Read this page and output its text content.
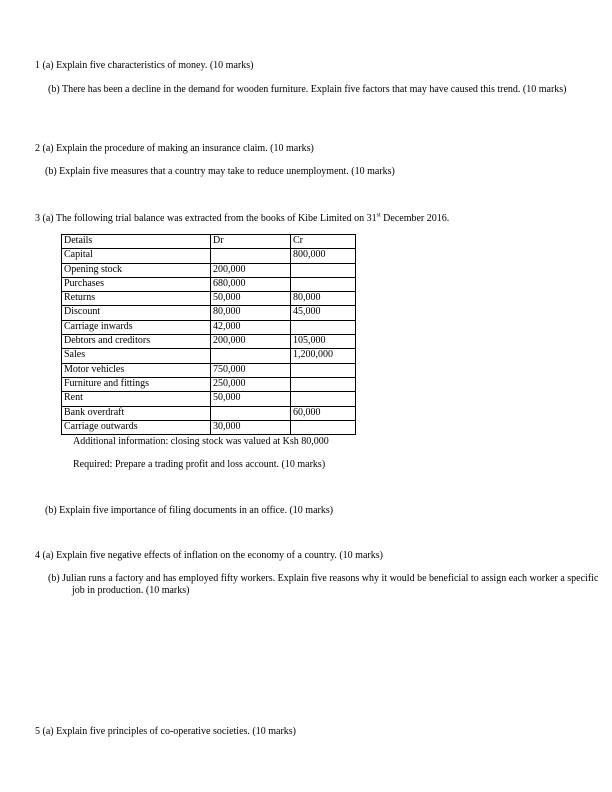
1 (a) Explain five characteristics of money. (10 marks)
(b) There has been a decline in the demand for wooden furniture. Explain five factors that may have caused this trend. (10 marks)
2 (a) Explain the procedure of making an insurance claim. (10 marks)
(b) Explain five measures that a country may take to reduce unemployment. (10 marks)
3 (a) The following trial balance was extracted from the books of Kibe Limited on 31st December 2016.
Details	Dr	Cr
Capital		800,000
Opening stock	200,000	
Purchases	680,000	
Returns	50,000	80,000
Discount	80,000	45,000
Carriage inwards	42,000	
Debtors and creditors	200,000	105,000
Sales		1,200,000
Motor vehicles	750,000	
Furniture and fittings	250,000	
Rent	50,000	
Bank overdraft		60,000
Carriage outwards	30,000	
Additional information: closing stock was valued at Ksh 80,000
Required: Prepare a trading profit and loss account. (10 marks)
(b) Explain five importance of filing documents in an office. (10 marks)
4 (a) Explain five negative effects of inflation on the economy of a country. (10 marks)
(b) Julian runs a factory and has employed fifty workers. Explain five reasons why it would be beneficial to assign each worker a specific job in production. (10 marks)
5 (a) Explain five principles of co-operative societies. (10 marks)
